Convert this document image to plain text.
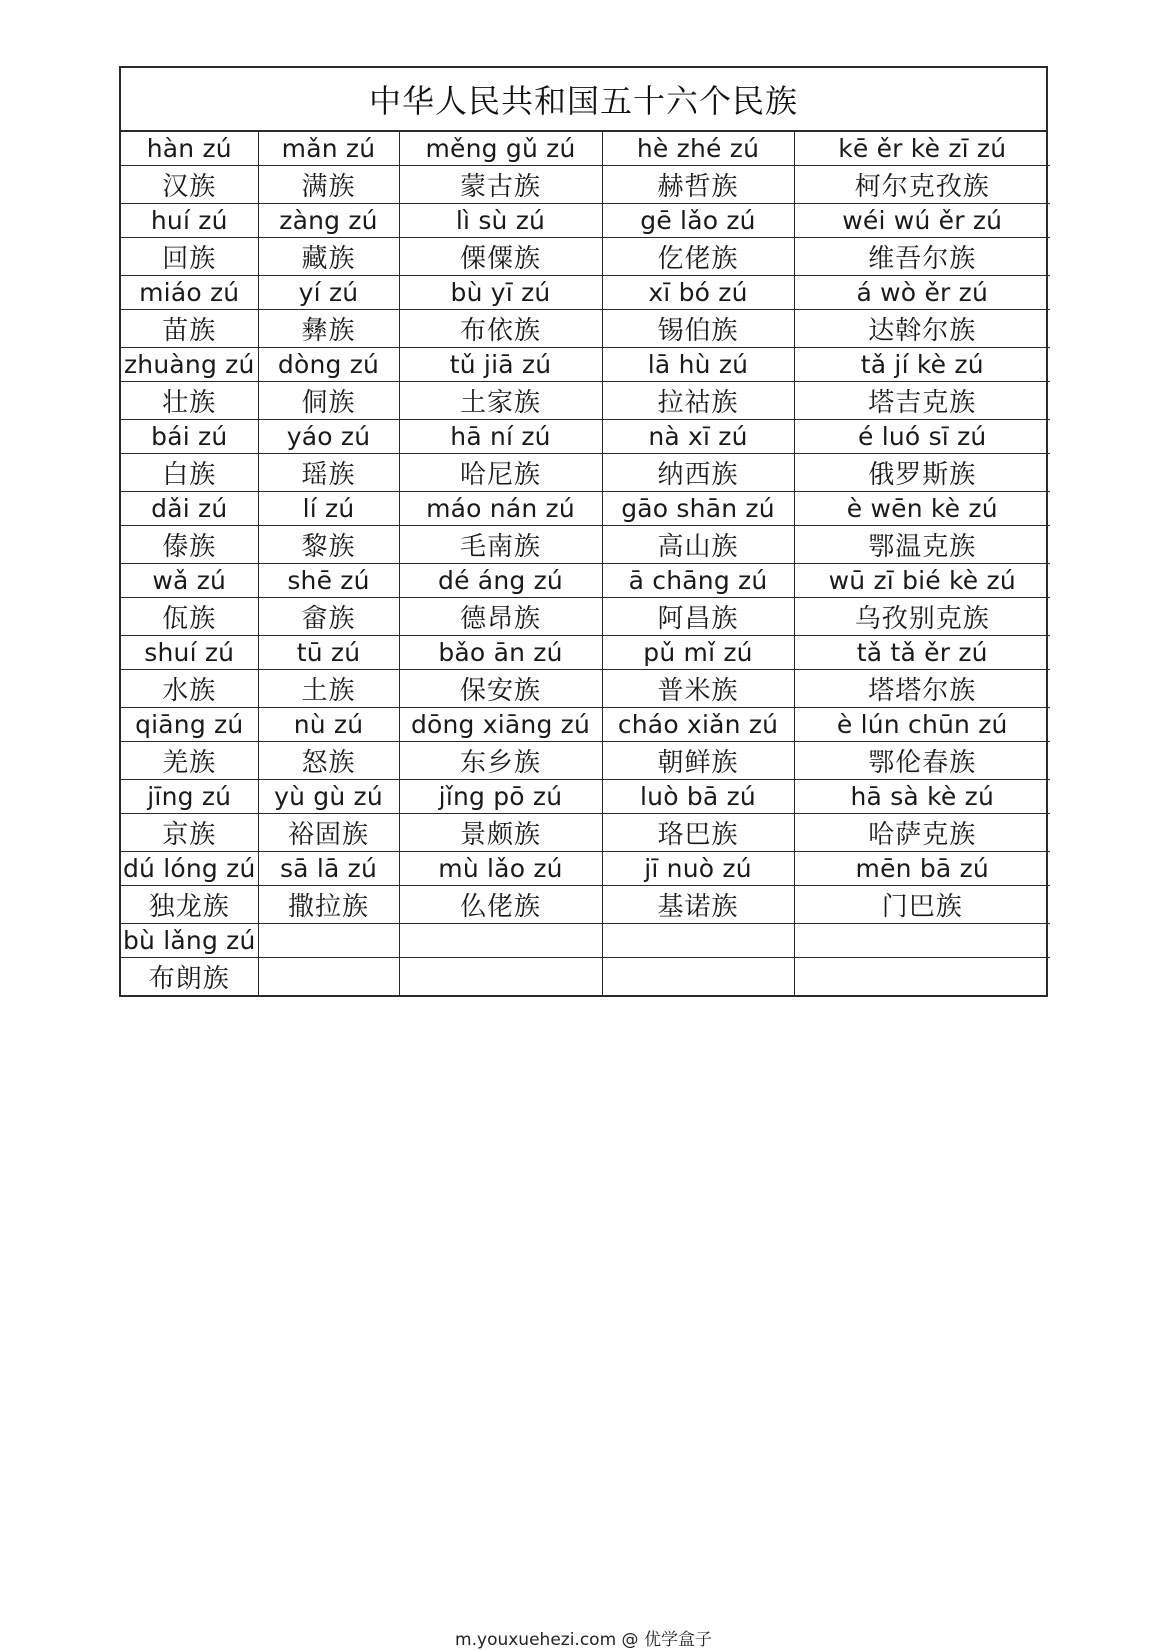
中华人民共和国五十六个民族
hàn zú	mǎn zú	měng gǔ zú	hè zhé zú	kē ěr kè zī zú
汉族	满族	蒙古族	赫哲族	柯尔克孜族
huí zú	zàng zú	lì sù zú	gē lǎo zú	wéi wú ěr zú
回族	藏族	傈僳族	仡佬族	维吾尔族
miáo zú	yí zú	bù yī zú	xī bó zú	á wò ěr zú
苗族	彝族	布依族	锡伯族	达斡尔族
zhuàng zú	dòng zú	tǔ jiā zú	lā hù zú	tǎ jí kè zú
壮族	侗族	土家族	拉祜族	塔吉克族
bái zú	yáo zú	hā ní zú	nà xī zú	é luó sī zú
白族	瑶族	哈尼族	纳西族	俄罗斯族
dǎi zú	lí zú	máo nán zú	gāo shān zú	è wēn kè zú
傣族	黎族	毛南族	高山族	鄂温克族
wǎ zú	shē zú	dé áng zú	ā chāng zú	wū zī bié kè zú
佤族	畲族	德昂族	阿昌族	乌孜别克族
shuí zú	tū zú	bǎo ān zú	pǔ mǐ zú	tǎ tǎ ěr zú
水族	土族	保安族	普米族	塔塔尔族
qiāng zú	nù zú	dōng xiāng zú	cháo xiǎn zú	è lún chūn zú
羌族	怒族	东乡族	朝鲜族	鄂伦春族
jīng zú	yù gù zú	jǐng pō zú	luò bā zú	hā sà kè zú
京族	裕固族	景颇族	珞巴族	哈萨克族
dú lóng zú	sā lā zú	mù lǎo zú	jī nuò zú	mēn bā zú
独龙族	撒拉族	仫佬族	基诺族	门巴族
bù lǎng zú				
布朗族				
m.youxuehezi.com @ 优学盒子
